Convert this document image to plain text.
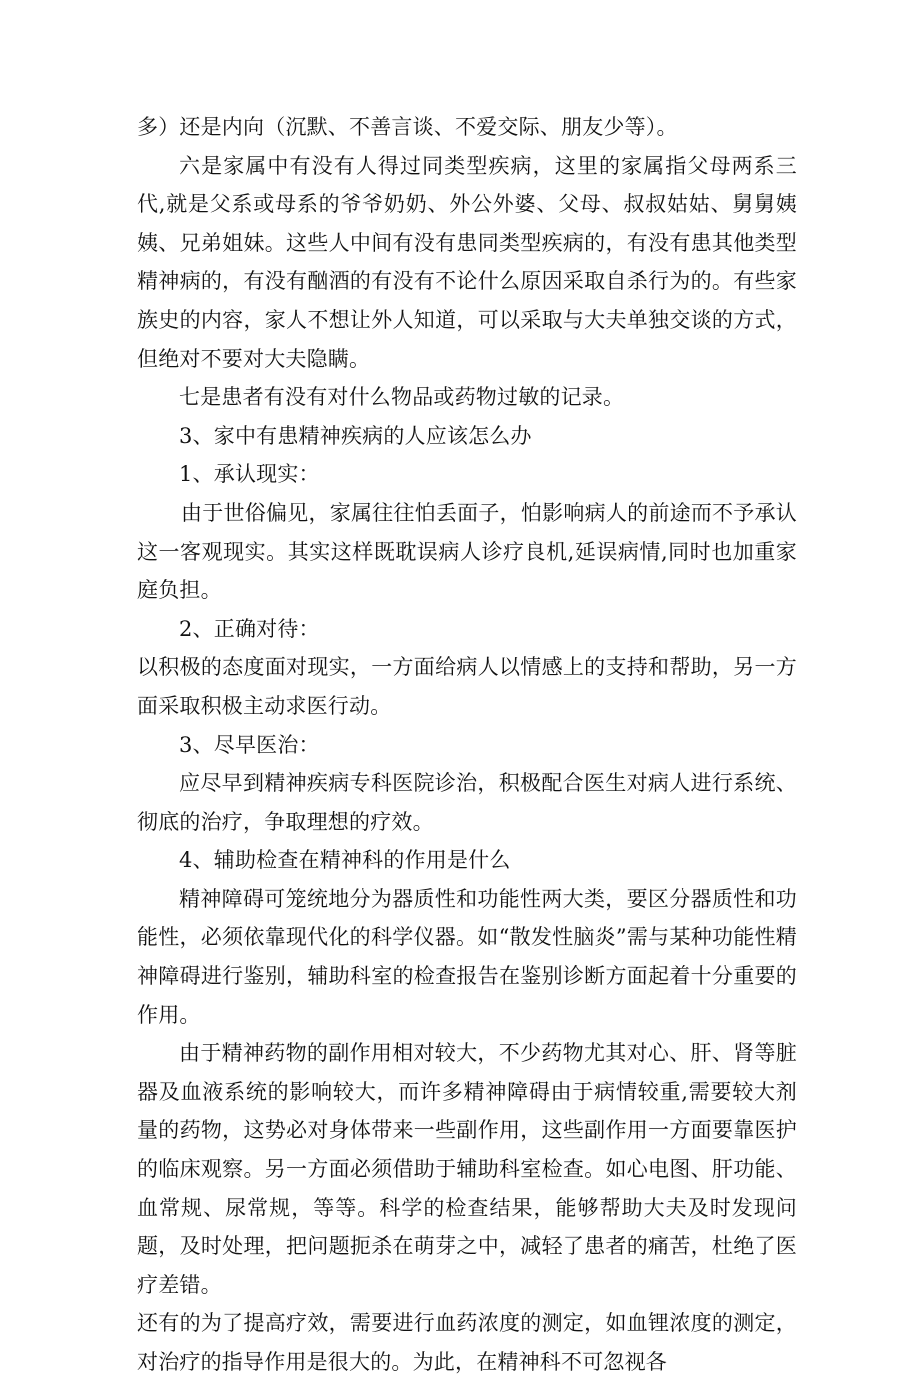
多）还是内向（沉默、不善言谈、不爱交际、朋友少等）。

六是家属中有没有人得过同类型疾病，这里的家属指父母两系三代,就是父系或母系的爷爷奶奶、外公外婆、父母、叔叔姑姑、舅舅姨姨、兄弟姐妹。这些人中间有没有患同类型疾病的，有没有患其他类型精神病的，有没有酗酒的有没有不论什么原因采取自杀行为的。有些家族史的内容，家人不想让外人知道，可以采取与大夫单独交谈的方式，但绝对不要对大夫隐瞒。

七是患者有没有对什么物品或药物过敏的记录。

3、家中有患精神疾病的人应该怎么办

1、承认现实：

由于世俗偏见，家属往往怕丢面子，怕影响病人的前途而不予承认这一客观现实。其实这样既耽误病人诊疗良机,延误病情,同时也加重家庭负担。

2、正确对待：

以积极的态度面对现实，一方面给病人以情感上的支持和帮助，另一方面采取积极主动求医行动。

3、尽早医治：

应尽早到精神疾病专科医院诊治，积极配合医生对病人进行系统、彻底的治疗，争取理想的疗效。

4、辅助检查在精神科的作用是什么

精神障碍可笼统地分为器质性和功能性两大类，要区分器质性和功能性，必须依靠现代化的科学仪器。如“散发性脑炎”需与某种功能性精神障碍进行鉴别，辅助科室的检查报告在鉴别诊断方面起着十分重要的作用。

由于精神药物的副作用相对较大，不少药物尤其对心、肝、肾等脏器及血液系统的影响较大，而许多精神障碍由于病情较重,需要较大剂量的药物，这势必对身体带来一些副作用，这些副作用一方面要靠医护的临床观察。另一方面必须借助于辅助科室检查。如心电图、肝功能、血常规、尿常规，等等。科学的检查结果，能够帮助大夫及时发现问题，及时处理，把问题扼杀在萌芽之中，减轻了患者的痛苦，杜绝了医疗差错。

还有的为了提高疗效，需要进行血药浓度的测定，如血锂浓度的测定，对治疗的指导作用是很大的。为此，在精神科不可忽视各
